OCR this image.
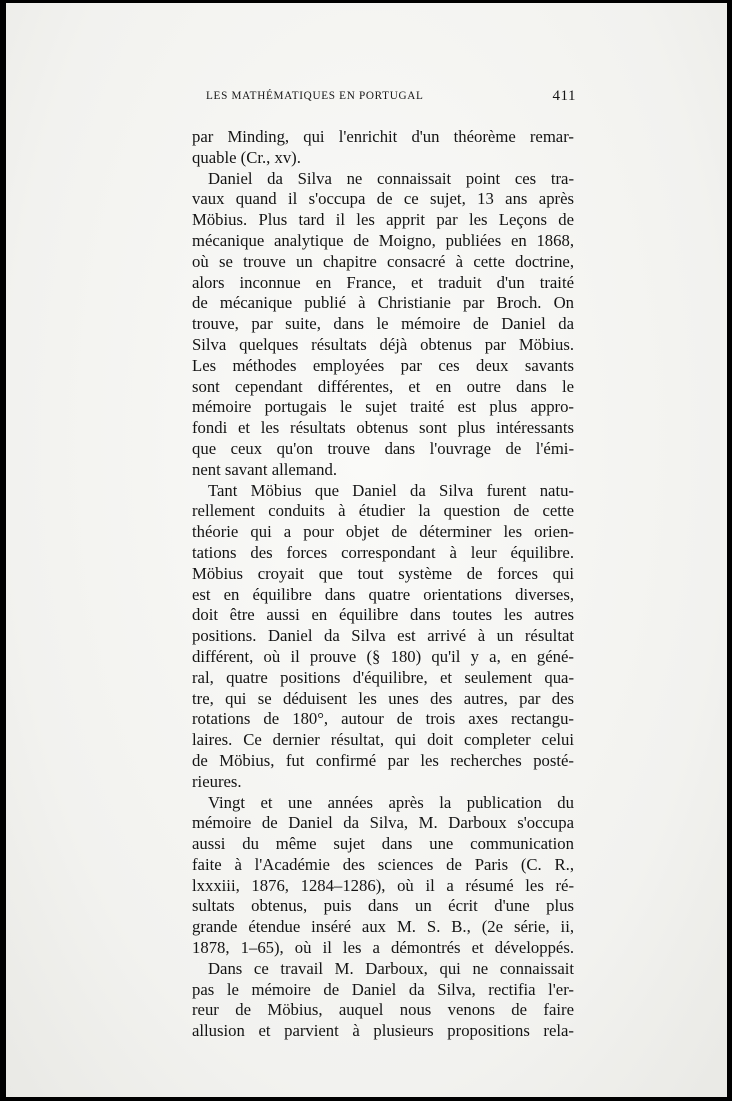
LES MATHÉMATIQUES EN PORTUGAL	411

par Minding, qui l'enrichit d'un théorème remar-

quable (Cr., xv).

Daniel da Silva ne connaissait point ces tra-

vaux quand il s'occupa de ce sujet, 13 ans après

Möbius. Plus tard il les apprit par les Leçons de

mécanique analytique de Moigno, publiées en 1868,

où se trouve un chapitre consacré à cette doctrine,

alors inconnue en France, et traduit d'un traité

de mécanique publié à Christianie par Broch. On

trouve, par suite, dans le mémoire de Daniel da

Silva quelques résultats déjà obtenus par Möbius.

Les méthodes employées par ces deux savants

sont cependant différentes, et en outre dans le

mémoire portugais le sujet traité est plus appro-

fondi et les résultats obtenus sont plus intéressants

que ceux qu'on trouve dans l'ouvrage de l'émi-

nent savant allemand.

Tant Möbius que Daniel da Silva furent natu-

rellement conduits à étudier la question de cette

théorie qui a pour objet de déterminer les orien-

tations des forces correspondant à leur équilibre.

Möbius croyait que tout système de forces qui

est en équilibre dans quatre orientations diverses,

doit être aussi en équilibre dans toutes les autres

positions. Daniel da Silva est arrivé à un résultat

différent, où il prouve (§ 180) qu'il y a, en géné-

ral, quatre positions d'équilibre, et seulement qua-

tre, qui se déduisent les unes des autres, par des

rotations de 180°, autour de trois axes rectangu-

laires. Ce dernier résultat, qui doit completer celui

de Möbius, fut confirmé par les recherches posté-

rieures.

Vingt et une années après la publication du

mémoire de Daniel da Silva, M. Darboux s'occupa

aussi du même sujet dans une communication

faite à l'Académie des sciences de Paris (C. R.,

lxxxiii, 1876, 1284–1286), où il a résumé les ré-

sultats obtenus, puis dans un écrit d'une plus

grande étendue inséré aux M. S. B., (2e série, ii,

1878, 1–65), où il les a démontrés et développés.

Dans ce travail M. Darboux, qui ne connaissait

pas le mémoire de Daniel da Silva, rectifia l'er-

reur de Möbius, auquel nous venons de faire

allusion et parvient à plusieurs propositions rela-
